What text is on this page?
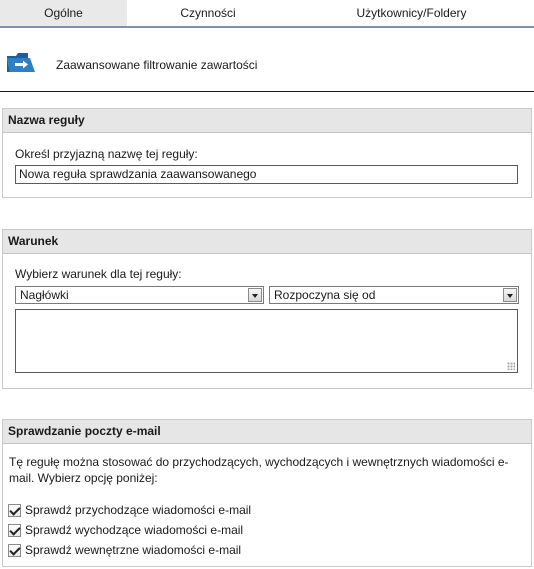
Ogólne	Czynności	Użytkownicy/Foldery
Zaawansowane filtrowanie zawartości
Nazwa reguły
Określ przyjazną nazwę tej reguły:
Nowa reguła sprawdzania zaawansowanego
Warunek
Wybierz warunek dla tej reguły:
Nagłówki	Rozpoczyna się od
Sprawdzanie poczty e-mail
Tę regułę można stosować do przychodzących, wychodzących i wewnętrznych wiadomości e-mail. Wybierz opcję poniżej:
Sprawdź przychodzące wiadomości e-mail
Sprawdź wychodzące wiadomości e-mail
Sprawdź wewnętrzne wiadomości e-mail
